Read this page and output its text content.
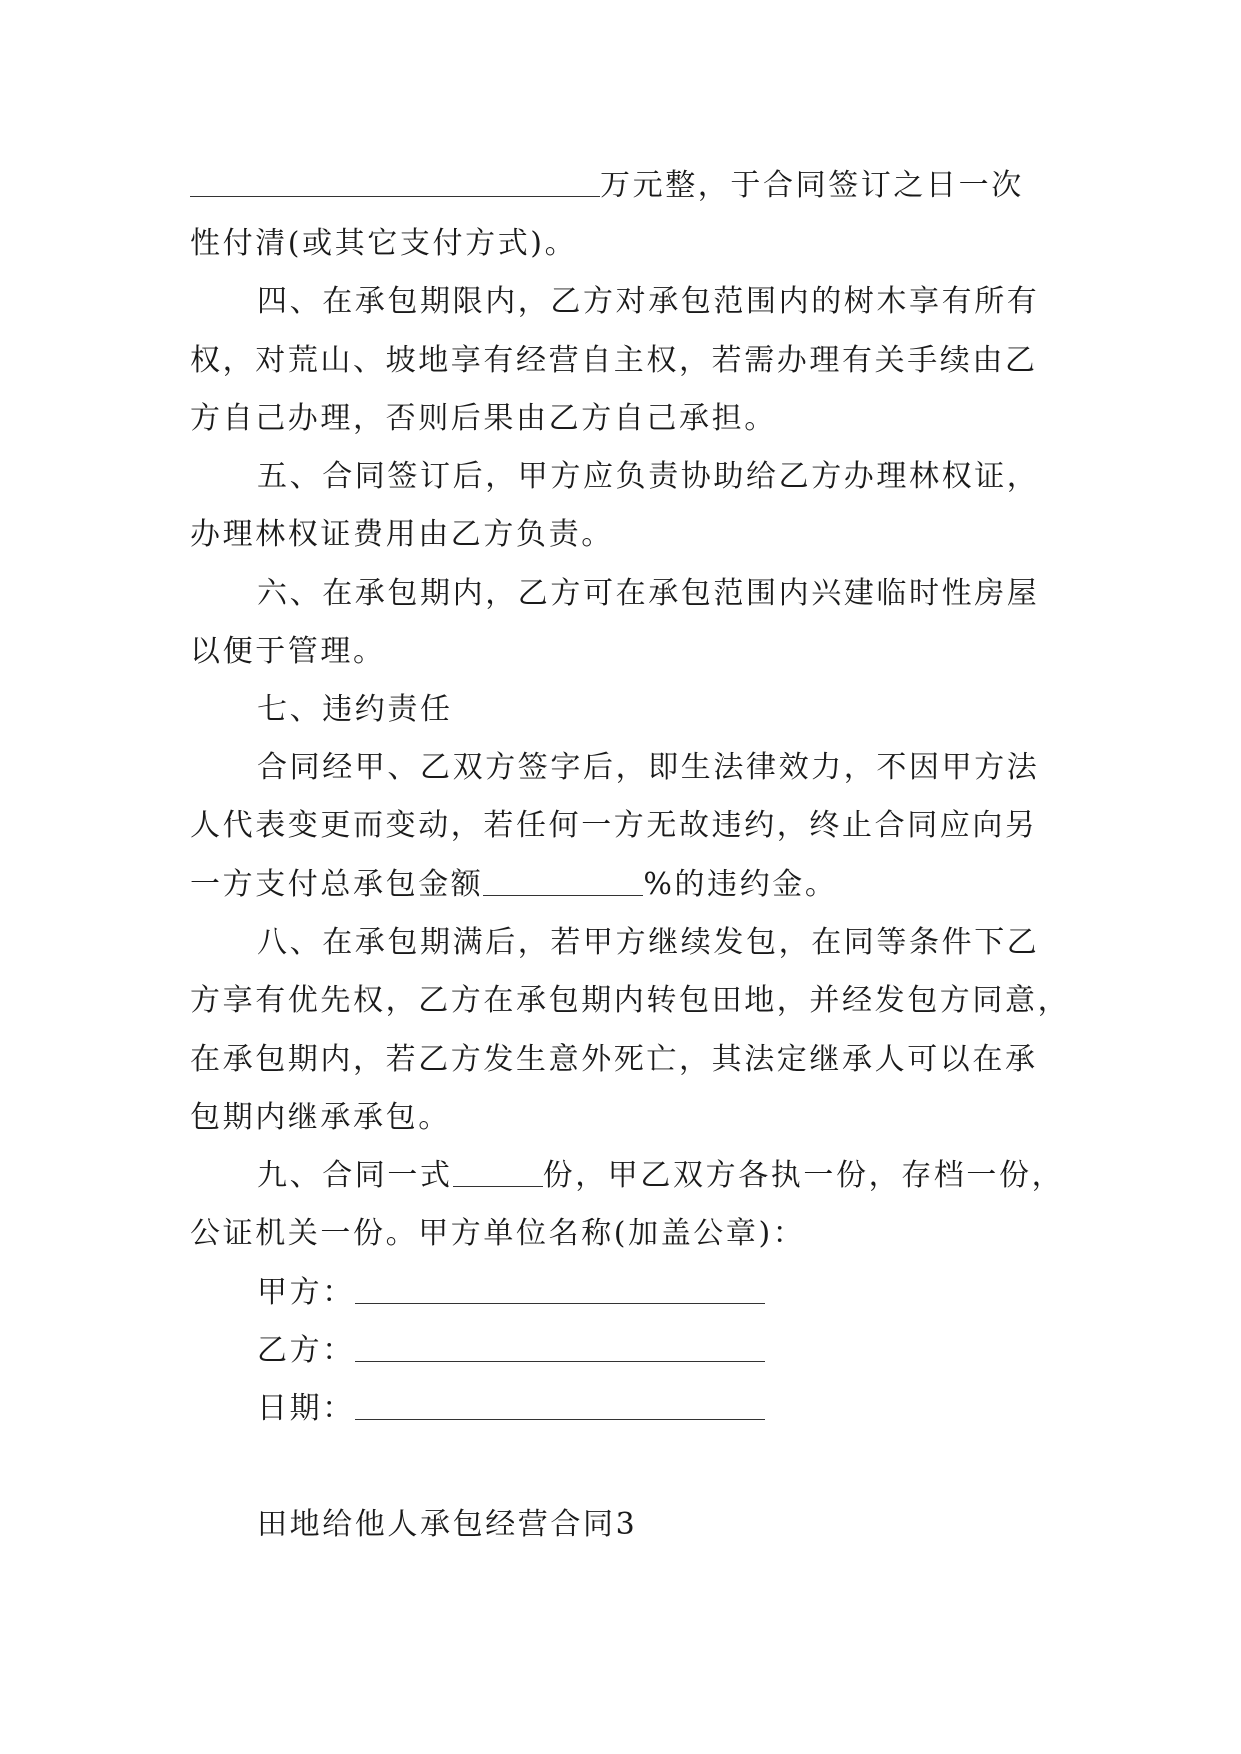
万元整，于合同签订之日一次
性付清(或其它支付方式)。
四、在承包期限内，乙方对承包范围内的树木享有所有
权，对荒山、坡地享有经营自主权，若需办理有关手续由乙
方自己办理，否则后果由乙方自己承担。
五、合同签订后，甲方应负责协助给乙方办理林权证，
办理林权证费用由乙方负责。
六、在承包期内，乙方可在承包范围内兴建临时性房屋
以便于管理。
七、违约责任
合同经甲、乙双方签字后，即生法律效力，不因甲方法
人代表变更而变动，若任何一方无故违约，终止合同应向另
一方支付总承包金额	%的违约金。
八、在承包期满后，若甲方继续发包，在同等条件下乙
方享有优先权，乙方在承包期内转包田地，并经发包方同意，
在承包期内，若乙方发生意外死亡，其法定继承人可以在承
包期内继承承包。
九、合同一式	份，甲乙双方各执一份，存档一份，
公证机关一份。甲方单位名称(加盖公章)：
甲方：
乙方：
日期：
田地给他人承包经营合同3
